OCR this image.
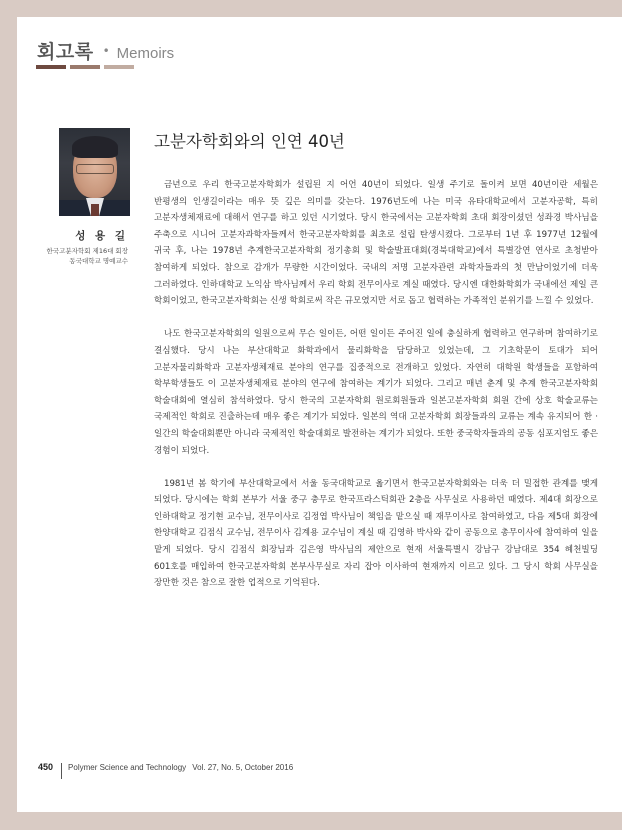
회고록 • Memoirs
성 용 길
한국고분자학회 제16대 회장
동국대학교 명예교수
고분자학회와의 인연 40년

금년으로 우리 한국고분자학회가 설립된 지 어언 40년이 되었다. 일생 주기로 돌이켜 보면 40년이란 세월은 반평생의 인생길이라는 매우 뜻 깊은 의미를 갖는다. 1976년도에 나는 미국 유타대학교에서 고분자공학, 특히 고분자생체재료에 대해서 연구를 하고 있던 시기였다. 당시 한국에서는 고분자학회 초대 회장이셨던 성좌경 박사님을 주축으로 시니어 고분자과학자들께서 한국고분자학회를 최초로 설립 탄생시켰다. 그로부터 1년 후 1977년 12월에 귀국 후, 나는 1978년 추계한국고분자학회 정기총회 및 학술발표대회(경북대학교)에서 특별강연 연사로 초청받아 참여하게 되었다. 참으로 감개가 무량한 시간이었다. 국내의 저명 고분자관련 과학자들과의 첫 만남이었기에 더욱 그러하였다. 인하대학교 노익삼 박사님께서 우리 학회 전무이사로 계실 때였다. 당시엔 대한화학회가 국내에선 제일 큰 학회이었고, 한국고분자학회는 신생 학회로써 작은 규모였지만 서로 돕고 협력하는 가족적인 분위기를 느낄 수 있었다.

나도 한국고분자학회의 일원으로써 무슨 일이든, 어떤 일이든 주어진 일에 충실하게 협력하고 연구하며 참여하기로 결심했다. 당시 나는 부산대학교 화학과에서 물리화학을 담당하고 있었는데, 그 기초학문이 토대가 되어 고분자물리화학과 고분자생체재료 분야의 연구를 집중적으로 전개하고 있었다. 자연히 대학원 학생들을 포함하여 학부학생들도 이 고분자생체재료 분야의 연구에 참여하는 계기가 되었다. 그리고 매년 춘계 및 추계 한국고분자학회 학술대회에 열심히 참석하였다. 당시 한국의 고분자학회 원로회원들과 일본고분자학회 회원 간에 상호 학술교류는 국제적인 학회로 진출하는데 매우 좋은 계기가 되었다. 일본의 역대 고분자학회 회장들과의 교류는 계속 유지되어 한 · 일간의 학술대회뿐만 아니라 국제적인 학술대회로 발전하는 계기가 되었다. 또한 중국학자들과의 공동 심포지엄도 좋은 경험이 되었다.

1981년 봄 학기에 부산대학교에서 서울 동국대학교로 옮기면서 한국고분자학회와는 더욱 더 밀접한 관계를 맺게 되었다. 당시에는 학회 본부가 서울 중구 충무로 한국프라스틱회관 2층을 사무실로 사용하던 때였다. 제4대 회장으로 인하대학교 정기현 교수님, 전무이사로 김정엽 박사님이 책임을 맡으실 때 재무이사로 참여하였고, 다음 제5대 회장에 한양대학교 김점식 교수님, 전무이사 김계용 교수님이 계실 때 김영하 박사와 같이 공동으로 총무이사에 참여하여 일을 맡게 되었다. 당시 김점식 회장님과 김은영 박사님의 제안으로 현재 서울특별시 강남구 강남대로 354 혜천빌딩 601호를 매입하여 한국고분자학회 본부사무실로 자리 잡아 이사하여 현재까지 이르고 있다. 그 당시 학회 사무실을 장만한 것은 참으로 잘한 업적으로 기억된다.

450 Polymer Science and Technology Vol. 27, No. 5, October 2016
